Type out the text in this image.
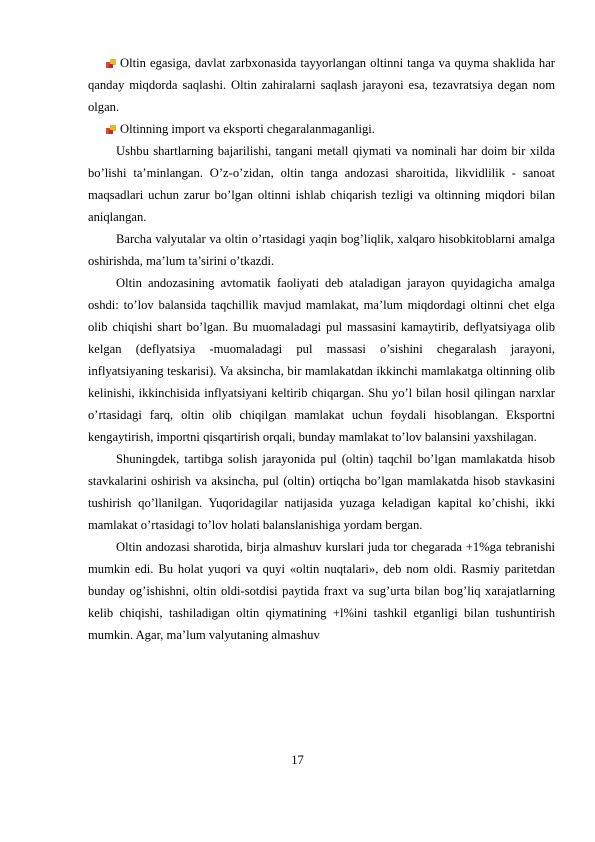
Oltin egasiga, davlat zarbxonasida tayyorlangan oltinni tanga va quyma shaklida har qanday miqdorda saqlashi. Oltin zahiralarni saqlash jarayoni esa, tezavratsiya degan nom olgan.

Oltinning import va eksporti chegaralanmaganligi.

Ushbu shartlarning bajarilishi, tangani metall qiymati va nominali har doim bir xilda bo’lishi ta’minlangan. O’z-o’zidan, oltin tanga andozasi sharoitida, likvidlilik - sanoat maqsadlari uchun zarur bo’lgan oltinni ishlab chiqarish tezligi va oltinning miqdori bilan aniqlangan.

Barcha valyutalar va oltin o’rtasidagi yaqin bog’liqlik, xalqaro hisobkitoblarni amalga oshirishda, ma’lum ta’sirini o’tkazdi.

Oltin andozasining avtomatik faoliyati deb ataladigan jarayon quyidagicha amalga oshdi: to’lov balansida taqchillik mavjud mamlakat, ma’lum miqdordagi oltinni chet elga olib chiqishi shart bo’lgan. Bu muomaladagi pul massasini kamaytirib, deflyatsiyaga olib kelgan (deflyatsiya -muomaladagi pul massasi o’sishini chegaralash jarayoni, inflyatsiyaning teskarisi). Va aksincha, bir mamlakatdan ikkinchi mamlakatga oltinning olib kelinishi, ikkinchisida inflyatsiyani keltirib chiqargan. Shu yo’l bilan hosil qilingan narxlar o’rtasidagi farq, oltin olib chiqilgan mamlakat uchun foydali hisoblangan. Eksportni kengaytirish, importni qisqartirish orqali, bunday mamlakat to’lov balansini yaxshilagan.

Shuningdek, tartibga solish jarayonida pul (oltin) taqchil bo’lgan mamlakatda hisob stavkalarini oshirish va aksincha, pul (oltin) ortiqcha bo’lgan mamlakatda hisob stavkasini tushirish qo’llanilgan. Yuqoridagilar natijasida yuzaga keladigan kapital ko’chishi, ikki mamlakat o’rtasidagi to’lov holati balanslanishiga yordam bergan.

Oltin andozasi sharotida, birja almashuv kurslari juda tor chegarada +1%ga tebranishi mumkin edi. Bu holat yuqori va quyi «oltin nuqtalari», deb nom oldi. Rasmiy paritetdan bunday og’ishishni, oltin oldi-sotdisi paytida fraxt va sug’urta bilan bog’liq xarajatlarning kelib chiqishi, tashiladigan oltin qiymatining +l%ini tashkil etganligi bilan tushuntirish mumkin. Agar, ma’lum valyutaning almashuv

17
